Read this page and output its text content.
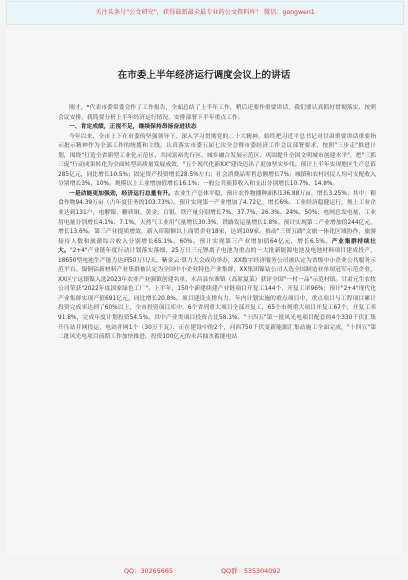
关注头条号"公文研究"，获得最新最全最专业的公文资料库！ 微信：gongwen1
在市委上半年经济运行调度会议上的讲话

刚才，*代表市委常委会作了工作报告，全面总结了上半年工作，稍后还要作重要讲话，我们要认真抓好贯彻落实、按照会议安排，我简要分析上半年经济运行情况，安排部署下半年重点工作。

一、肯定成绩，正视不足，继续保持昂扬奋进状态

今年以来，全市上下在市委的坚强领导下，深入学习贯彻党的二十大精神，始终把习近平总书记对甘肃重要讲话重要指示批示精神作为全部工作的统揽和主线，认真落实市委五届七次全会暨市委经济工作会议部署要求，按照"三步走"推进计划，围绕"打造全省新型工业化示范区、共同富裕先行区、城乡融合发展示范区、巩固提升全国文明城市创建水平"，把"三抓三促"行动成果转化为全面转型高质量发展成效，"五个现代化新XX"建设迈出了更加坚实步伐。预计上半年实现地区生产总值285亿元，同比增长10.5%；固定资产投资增长28.5%左右；社会消费品零售总额增长7%；城镇和农村居民人均可支配收入分别增长3%、10%。规模以上工业增加值增长16.1%；一般公共预算收入和支出分别增长10.7%、14.8%。

一是动能更加强劲，经济运行总量有升。农业生产总体平稳，预计农作物播种面积136.88万亩，增长3.25%；其中：粮食作物94.39万亩（占年度任务的103.73%）。预计实现第一产业增加了4.72亿，增长6%。工业经济稳健运行，规上工业企业达到131户，电解镍、糖质铜、黄金、白银、铁产量分别增长7%、37.7%、26.3%、24%、50%；电网总发电量、工业用电量分别增长4.1%、7.1%，天然气工业用气量增长30.3%，铁路发运量增长1.8%。预计实现第二产业增加值244亿元，增长13.6%。第三产业提质增效，新入库限额以上商贸企业18家，达到109家。推动"三资五路"文旅一体化区域协作，旅游接待人数和旅游综合收入分别增长65.1%、60%。预计实现第三产业增加值64亿元，增长6.5%。产业集群持续壮大。"2+4"产业链年度行动计划落实落细，25万只三元锂离子电池为重点的一大批新能源电池及电池材料项目建成投产，18650型电池生产能力达到50万只/天。紫金云·算力大会成功举办，XX数字经济服务公司被认定为省级中小企业公共服务示范平台。镍铜钴新材料产业集群被认定为全国中小企业特色产业集群，XX集团镍钴公司入选全国制造业单项冠军示范企业，XX区宁远镇镍入选2023年农业产业强镇创建名单，永昌县东寨镇（高原夏菜）获评全国"一村一品"示范村镇。甘肃元生农牧公司荣获"2022年度国家绿色工厂"。上半年，150个新建续建产业链项目开复工144个，开复工率96%；预计"2+4"现代化产业集群实现产值691亿元，同比增长20.8%。项目建设支撑有力，年内计划实施的重点项目中，重点项目与工程项目累计投资完成率达到了60%以上，全市投资项目库中，6个省列重大项目全部开复工，65个市列重大项目开复工67个，开复工率91.8%，完成年度计划投资54.5%。其中产业类项目投资占比58.1%。"十四五"第一批风光电项目配套的4个330千伏汇集升压站并网投运，电站并网1个（30万千瓦）、正在建设中的2个，河西750千伏变新能源汇集站施工全面完成，"十四五"第二批风光电项目前期工作加快推进，投资100亿元的永昌抽水蓄能电站

QQ：30265665	QQ群：535304092
